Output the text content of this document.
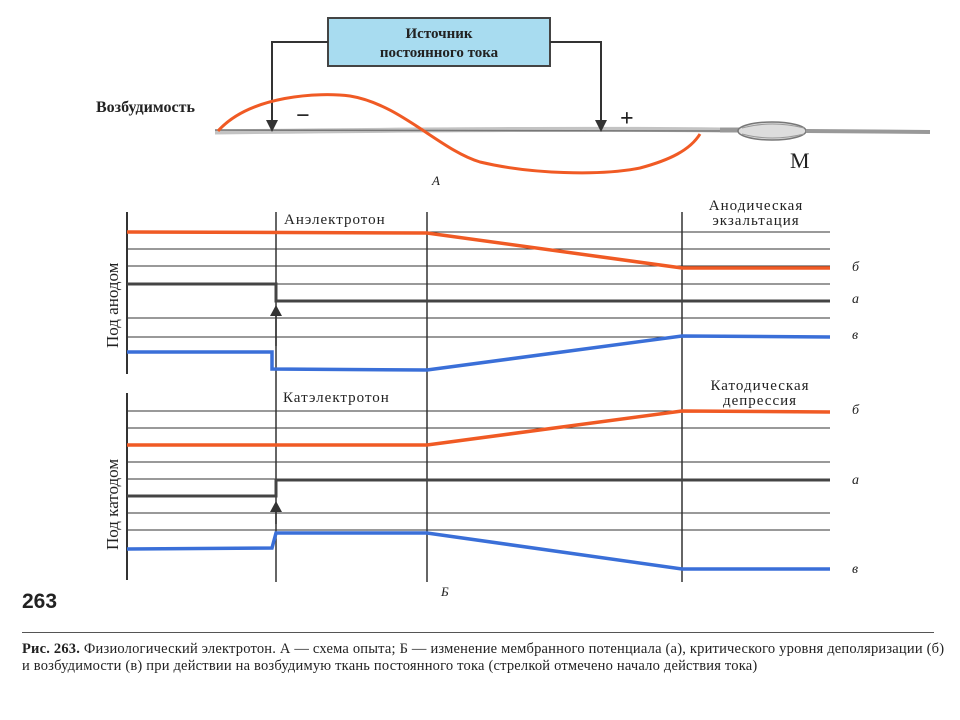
Источник
постоянного тока
Возбудимость	−	+
М
А
Анэлектротон
Анодическая
экзальтация
Катэлектротон
Катодическая
депрессия
Под анодом
Под катодом
б
а
в
б
а
в
Б
263
Рис. 263. Физиологический электротон. А — схема опыта; Б — изменение мембранного потенциала (а), критического уровня деполяризации (б) и возбудимости (в) при действии на возбудимую ткань постоянного тока (стрелкой отмечено начало действия тока)
